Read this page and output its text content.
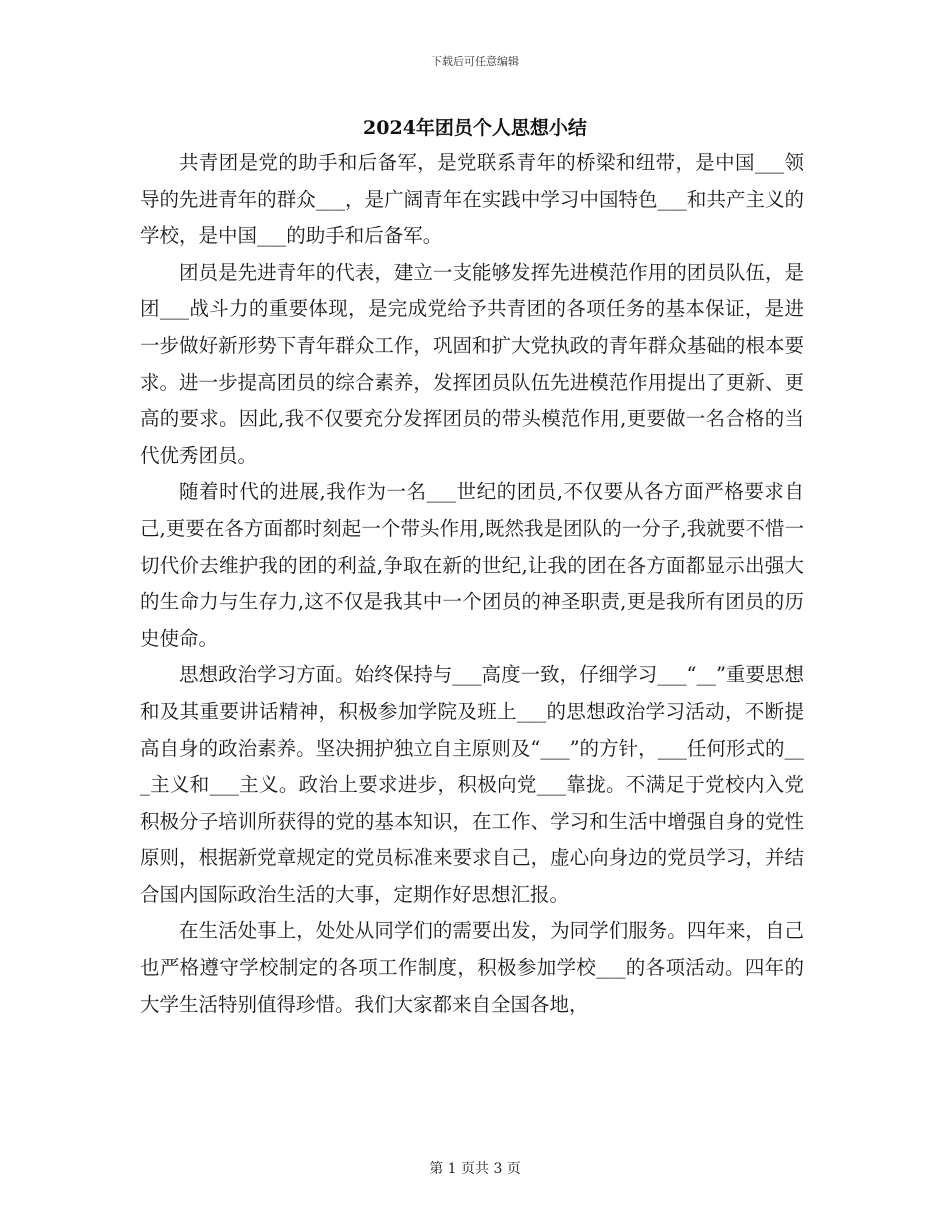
下载后可任意编辑
2024年团员个人思想小结

共青团是党的助手和后备军，是党联系青年的桥梁和纽带，是中国___领导的先进青年的群众___，是广阔青年在实践中学习中国特色___和共产主义的学校，是中国___的助手和后备军。

团员是先进青年的代表，建立一支能够发挥先进模范作用的团员队伍，是团___战斗力的重要体现，是完成党给予共青团的各项任务的基本保证，是进一步做好新形势下青年群众工作，巩固和扩大党执政的青年群众基础的根本要求。进一步提高团员的综合素养，发挥团员队伍先进模范作用提出了更新、更高的要求。因此,我不仅要充分发挥团员的带头模范作用,更要做一名合格的当代优秀团员。

随着时代的进展,我作为一名___世纪的团员,不仅要从各方面严格要求自己,更要在各方面都时刻起一个带头作用,既然我是团队的一分子,我就要不惜一切代价去维护我的团的利益,争取在新的世纪,让我的团在各方面都显示出强大的生命力与生存力,这不仅是我其中一个团员的神圣职责,更是我所有团员的历史使命。

思想政治学习方面。始终保持与___高度一致，仔细学习___“__”重要思想和及其重要讲话精神，积极参加学院及班上___的思想政治学习活动，不断提高自身的政治素养。坚决拥护独立自主原则及“___”的方针，___任何形式的___主义和___主义。政治上要求进步，积极向党___靠拢。不满足于党校内入党积极分子培训所获得的党的基本知识，在工作、学习和生活中增强自身的党性原则，根据新党章规定的党员标准来要求自己，虚心向身边的党员学习，并结合国内国际政治生活的大事，定期作好思想汇报。

在生活处事上，处处从同学们的需要出发，为同学们服务。四年来，自己也严格遵守学校制定的各项工作制度，积极参加学校___的各项活动。四年的大学生活特别值得珍惜。我们大家都来自全国各地，

第 1 页共 3 页
